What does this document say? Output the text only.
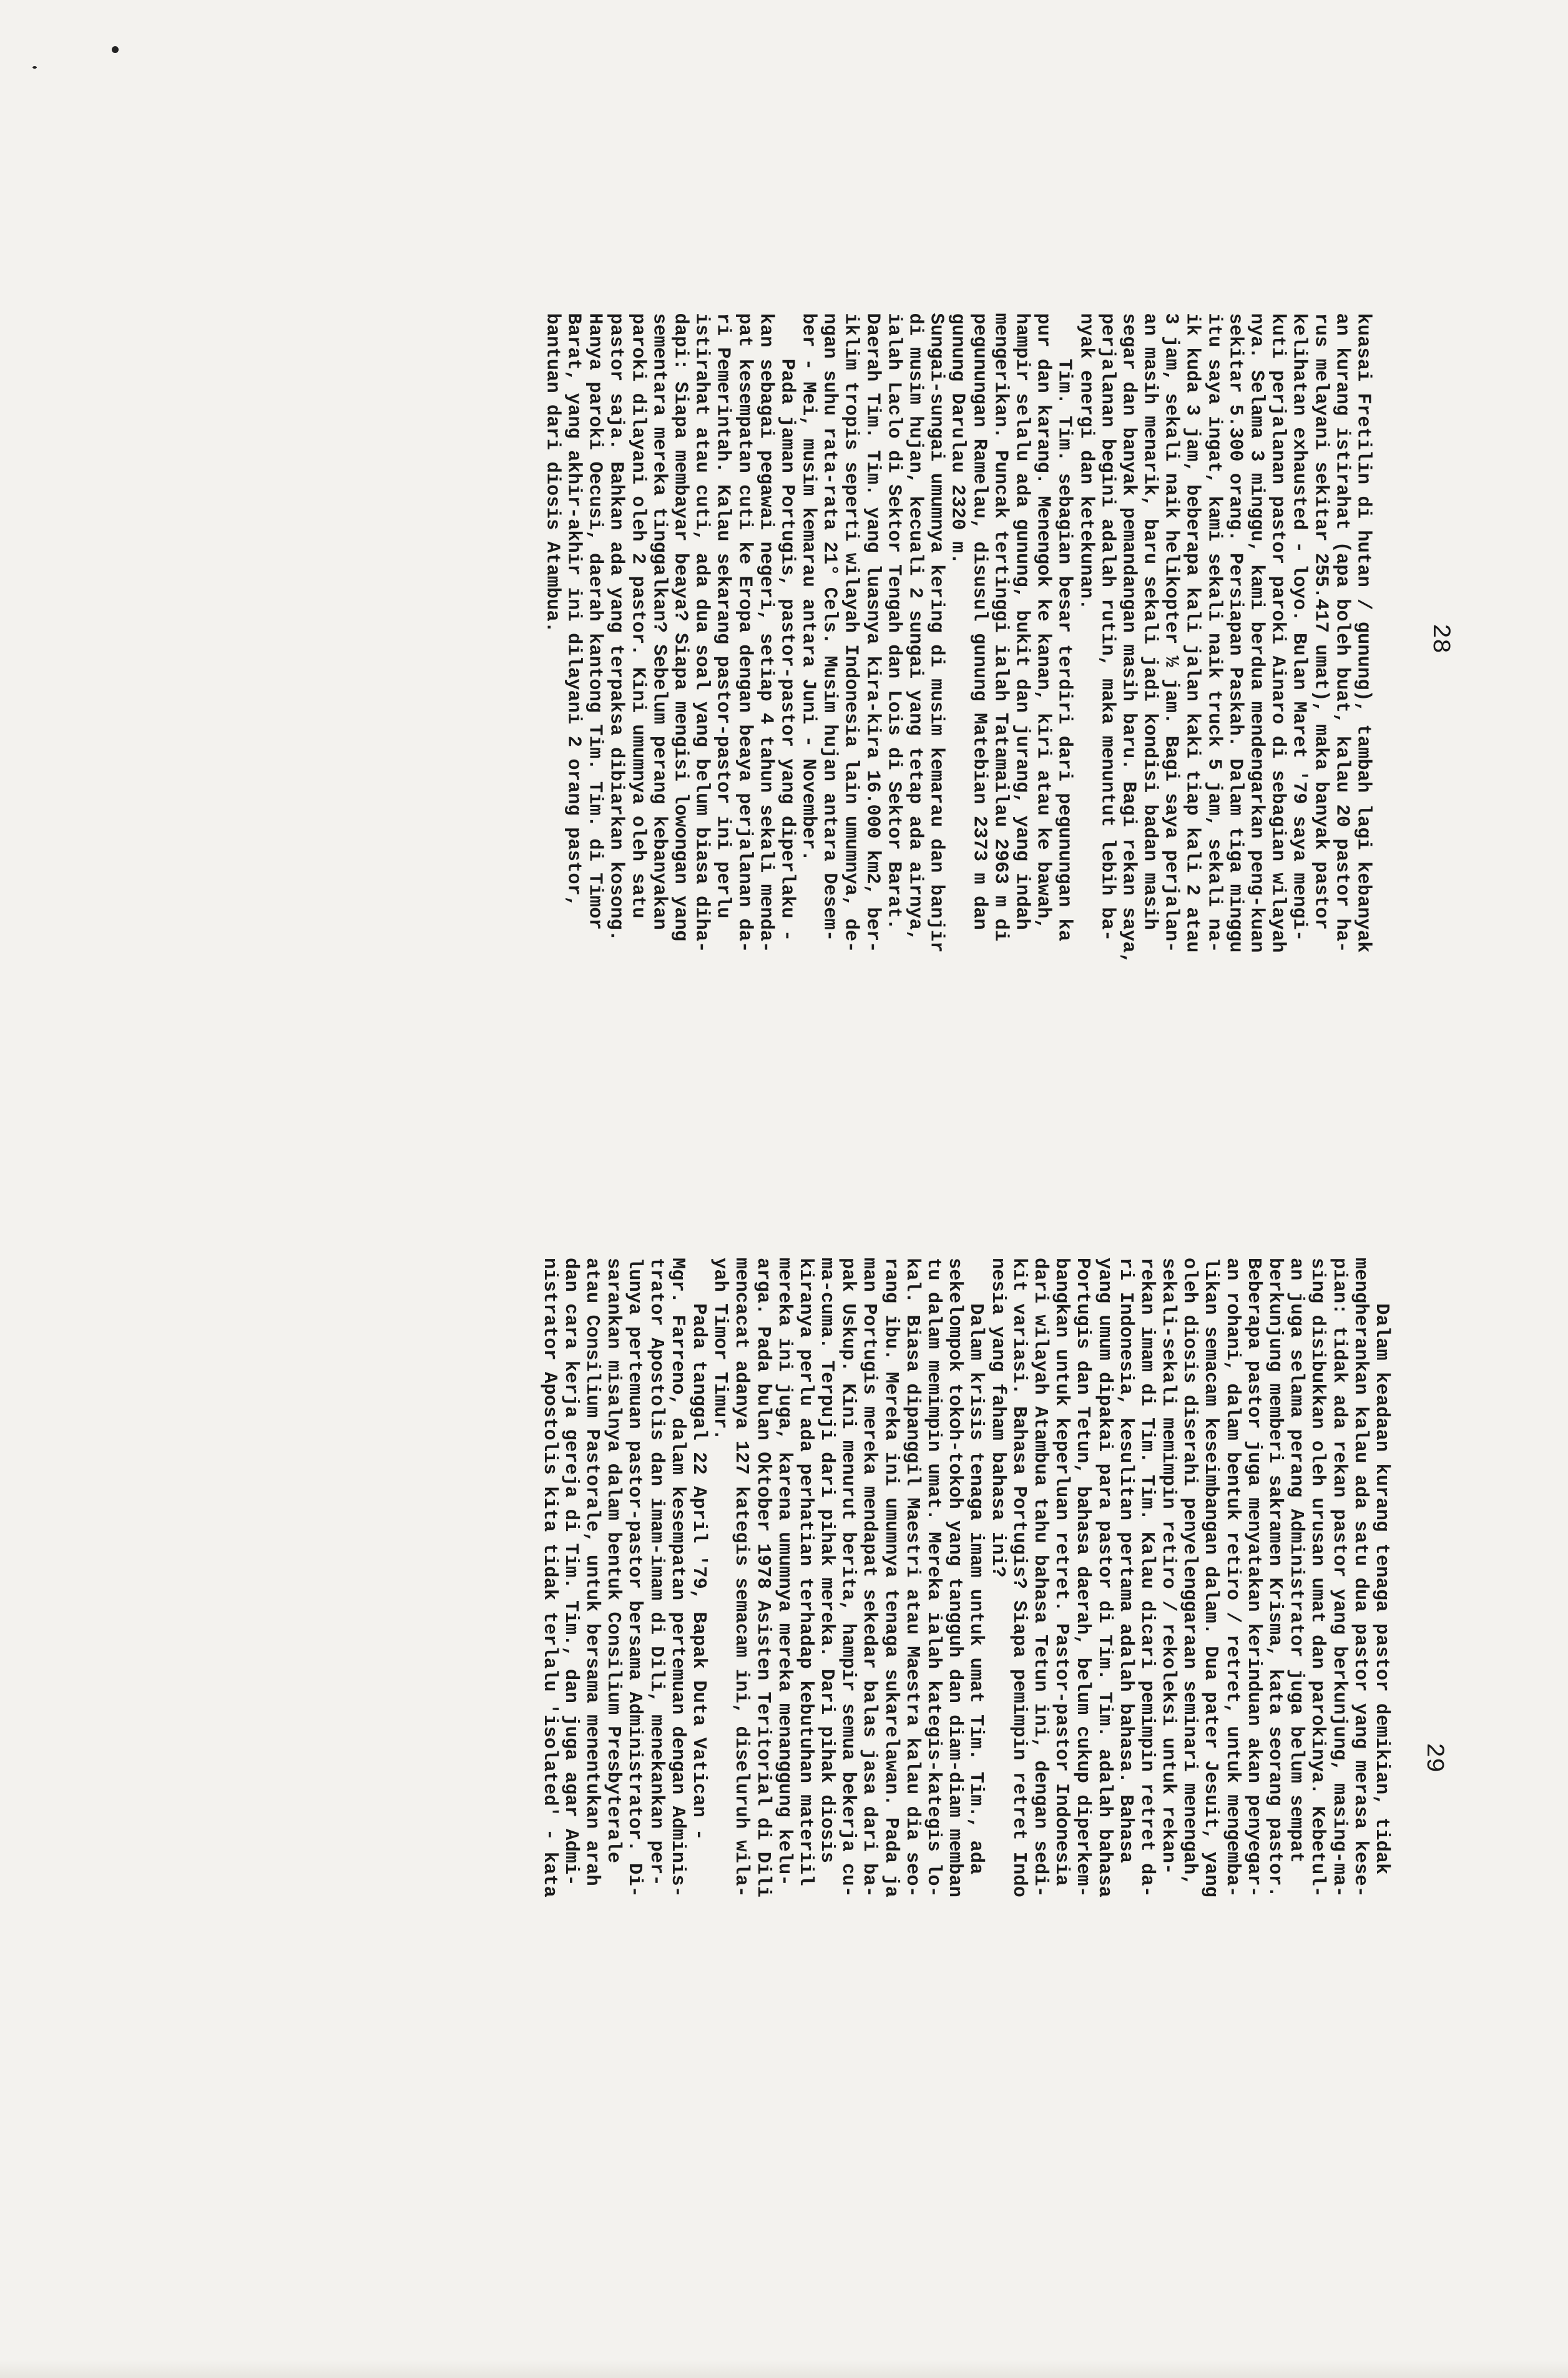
28
29
kuasai Fretilin di hutan / gunung), tambah lagi kebanyak
an kurang istirahat (apa boleh buat, kalau 20 pastor ha-
rus melayani sekitar 255.417 umat), maka banyak pastor
kelihatan exhausted - loyo. Bulan Maret '79 saya mengi-
kuti perjalanan pastor paroki Ainaro di sebagian wilayah
nya. Selama 3 minggu, kami berdua mendengarkan peng-kuan
sekitar 5.300 orang. Persiapan Paskah. Dalam tiga minggu
itu saya ingat, kami sekali naik truck 5 jam, sekali na-
ik kuda 3 jam, beberapa kali jalan kaki tiap kali 2 atau
3 jam, sekali naik helikopter ½ jam. Bagi saya perjalan-
an masih menarik, baru sekali jadi kondisi badan masih
segar dan banyak pemandangan masih baru. Bagi rekan saya,
perjalanan begini adalah rutin, maka menuntut lebih ba-
nyak energi dan ketekunan.
Tim. Tim. sebagian besar terdiri dari pegunungan ka
pur dan karang. Menengok ke kanan, kiri atau ke bawah,
hampir selalu ada gunung, bukit dan jurang, yang indah
mengerikan. Puncak tertinggi ialah Tatamailau 2963 m di
pegunungan Ramelau, disusul gunung Matebian 2373 m dan
gunung Darulau 2320 m.
Sungai-sungai umumnya kering di musim kemarau dan banjir
di musim hujan, kecuali 2 sungai yang tetap ada airnya,
ialah Laclo di Sektor Tengah dan Lois di Sektor Barat.
Daerah Tim. Tim. yang luasnya kira-kira 16.000 km2, ber-
iklim tropis seperti wilayah Indonesia lain umumnya, de-
ngan suhu rata-rata 21° Cels. Musim hujan antara Desem-
ber - Mei, musim kemarau antara Juni - November.
Pada jaman Portugis, pastor-pastor yang diperlaku -
kan sebagai pegawai negeri, setiap 4 tahun sekali menda-
pat kesempatan cuti ke Eropa dengan beaya perjalanan da-
ri Pemerintah. Kalau sekarang pastor-pastor ini perlu
istirahat atau cuti, ada dua soal yang belum biasa diha-
dapi: Siapa membayar beaya? Siapa mengisi lowongan yang
sementara mereka tinggalkan? Sebelum perang kebanyakan
paroki dilayani oleh 2 pastor. Kini umumnya oleh satu
pastor saja. Bahkan ada yang terpaksa dibiarkan kosong.
Hanya paroki Oecusi, daerah kantong Tim. Tim. di Timor
Barat, yang akhir-akhir ini dilayani 2 orang pastor,
bantuan dari diosis Atambua.
Dalam keadaan kurang tenaga pastor demikian, tidak
mengherankan kalau ada satu dua pastor yang merasa kese-
pian: tidak ada rekan pastor yang berkunjung, masing-ma-
sing disibukkan oleh urusan umat dan parokinya. Kebetul-
an juga selama perang Administrator juga belum sempat
berkunjung memberi sakramen Krisma, kata seorang pastor.
Beberapa pastor juga menyatakan kerinduan akan penyegar-
an rohani, dalam bentuk retiro / retret, untuk mengemba-
likan semacam keseimbangan dalam. Dua pater Jesuit, yang
oleh diosis diserahi penyelenggaraan seminari menengah,
sekali-sekali memimpin retiro / rekoleksi untuk rekan-
rekan imam di Tim. Tim. Kalau dicari pemimpin retret da-
ri Indonesia, kesulitan pertama adalah bahasa. Bahasa
yang umum dipakai para pastor di Tim. Tim. adalah bahasa
Portugis dan Tetun, bahasa daerah, belum cukup diperkem-
bangkan untuk keperluan retret. Pastor-pastor Indonesia
dari wilayah Atambua tahu bahasa Tetun ini, dengan sedi-
kit variasi. Bahasa Portugis? Siapa pemimpin retret Indo
nesia yang faham bahasa ini?
Dalam krisis tenaga imam untuk umat Tim. Tim., ada
sekelompok tokoh-tokoh yang tangguh dan diam-diam memban
tu dalam memimpin umat. Mereka ialah kategis-kategis lo-
kal. Biasa dipanggil Maestri atau Maestra kalau dia seo-
rang ibu. Mereka ini umumnya tenaga sukarelawan. Pada ja
man Portugis mereka mendapat sekedar balas jasa dari ba-
pak Uskup. Kini menurut berita, hampir semua bekerja cu-
ma-cuma. Terpuji dari pihak mereka. Dari pihak diosis
kiranya perlu ada perhatian terhadap kebutuhan materiil
mereka ini juga, karena umumnya mereka menanggung kelu-
arga. Pada bulan Oktober 1978 Asisten Teritorial di Dili
mencacat adanya 127 kategis semacam ini, diseluruh wila-
yah Timor Timur.
Pada tanggal 22 April '79, Bapak Duta Vatican -
Mgr. Farreno, dalam kesempatan pertemuan dengan Adminis-
trator Apostolis dan imam-imam di Dili, menekankan per-
lunya pertemuan pastor-pastor bersama Administrator. Di-
sarankan misalnya dalam bentuk Consilium Presbyterale
atau Consilium Pastorale, untuk bersama menentukan arah
dan cara kerja gereja di Tim. Tim., dan juga agar Admi-
nistrator Apostolis kita tidak terlalu 'isolated' - kata
